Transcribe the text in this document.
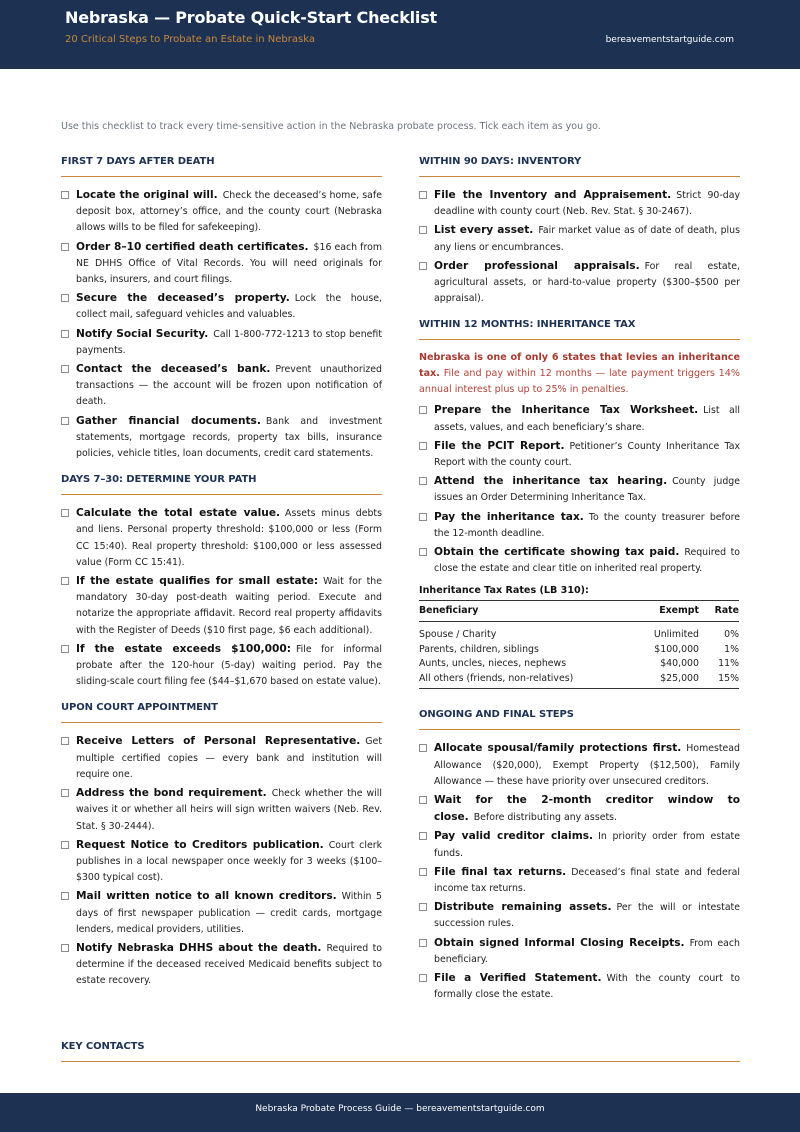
Nebraska — Probate Quick-Start Checklist
20 Critical Steps to Probate an Estate in Nebraska	bereavementstartguide.com
Use this checklist to track every time-sensitive action in the Nebraska probate process. Tick each item as you go.
FIRST 7 DAYS AFTER DEATH
Locate the original will. Check the deceased’s home, safe deposit box, attorney’s office, and the county court (Nebraska allows wills to be filed for safekeeping).
Order 8–10 certified death certificates. $16 each from NE DHHS Office of Vital Records. You will need originals for banks, insurers, and court filings.
Secure the deceased’s property. Lock the house, collect mail, safeguard vehicles and valuables.
Notify Social Security. Call 1-800-772-1213 to stop benefit payments.
Contact the deceased’s bank. Prevent unauthorized transactions — the account will be frozen upon notification of death.
Gather financial documents. Bank and investment statements, mortgage records, property tax bills, insurance policies, vehicle titles, loan documents, credit card statements.
DAYS 7–30: DETERMINE YOUR PATH
Calculate the total estate value. Assets minus debts and liens. Personal property threshold: $100,000 or less (Form CC 15:40). Real property threshold: $100,000 or less assessed value (Form CC 15:41).
If the estate qualifies for small estate: Wait for the mandatory 30-day post-death waiting period. Execute and notarize the appropriate affidavit. Record real property affidavits with the Register of Deeds ($10 first page, $6 each additional).
If the estate exceeds $100,000: File for informal probate after the 120-hour (5-day) waiting period. Pay the sliding-scale court filing fee ($44–$1,670 based on estate value).
UPON COURT APPOINTMENT
Receive Letters of Personal Representative. Get multiple certified copies — every bank and institution will require one.
Address the bond requirement. Check whether the will waives it or whether all heirs will sign written waivers (Neb. Rev. Stat. § 30-2444).
Request Notice to Creditors publication. Court clerk publishes in a local newspaper once weekly for 3 weeks ($100–$300 typical cost).
Mail written notice to all known creditors. Within 5 days of first newspaper publication — credit cards, mortgage lenders, medical providers, utilities.
Notify Nebraska DHHS about the death. Required to determine if the deceased received Medicaid benefits subject to estate recovery.
WITHIN 90 DAYS: INVENTORY
File the Inventory and Appraisement. Strict 90-day deadline with county court (Neb. Rev. Stat. § 30-2467).
List every asset. Fair market value as of date of death, plus any liens or encumbrances.
Order professional appraisals. For real estate, agricultural assets, or hard-to-value property ($300–$500 per appraisal).
WITHIN 12 MONTHS: INHERITANCE TAX
Nebraska is one of only 6 states that levies an inheritance tax. File and pay within 12 months — late payment triggers 14% annual interest plus up to 25% in penalties.
Prepare the Inheritance Tax Worksheet. List all assets, values, and each beneficiary’s share.
File the PCIT Report. Petitioner’s County Inheritance Tax Report with the county court.
Attend the inheritance tax hearing. County judge issues an Order Determining Inheritance Tax.
Pay the inheritance tax. To the county treasurer before the 12-month deadline.
Obtain the certificate showing tax paid. Required to close the estate and clear title on inherited real property.
Inheritance Tax Rates (LB 310):
Beneficiary	Exempt	Rate
Spouse / Charity	Unlimited	0%
Parents, children, siblings	$100,000	1%
Aunts, uncles, nieces, nephews	$40,000	11%
All others (friends, non-relatives)	$25,000	15%
ONGOING AND FINAL STEPS
Allocate spousal/family protections first. Homestead Allowance ($20,000), Exempt Property ($12,500), Family Allowance — these have priority over unsecured creditors.
Wait for the 2-month creditor window to close. Before distributing any assets.
Pay valid creditor claims. In priority order from estate funds.
File final tax returns. Deceased’s final state and federal income tax returns.
Distribute remaining assets. Per the will or intestate succession rules.
Obtain signed Informal Closing Receipts. From each beneficiary.
File a Verified Statement. With the county court to formally close the estate.
KEY CONTACTS
Nebraska Probate Process Guide — bereavementstartguide.com
